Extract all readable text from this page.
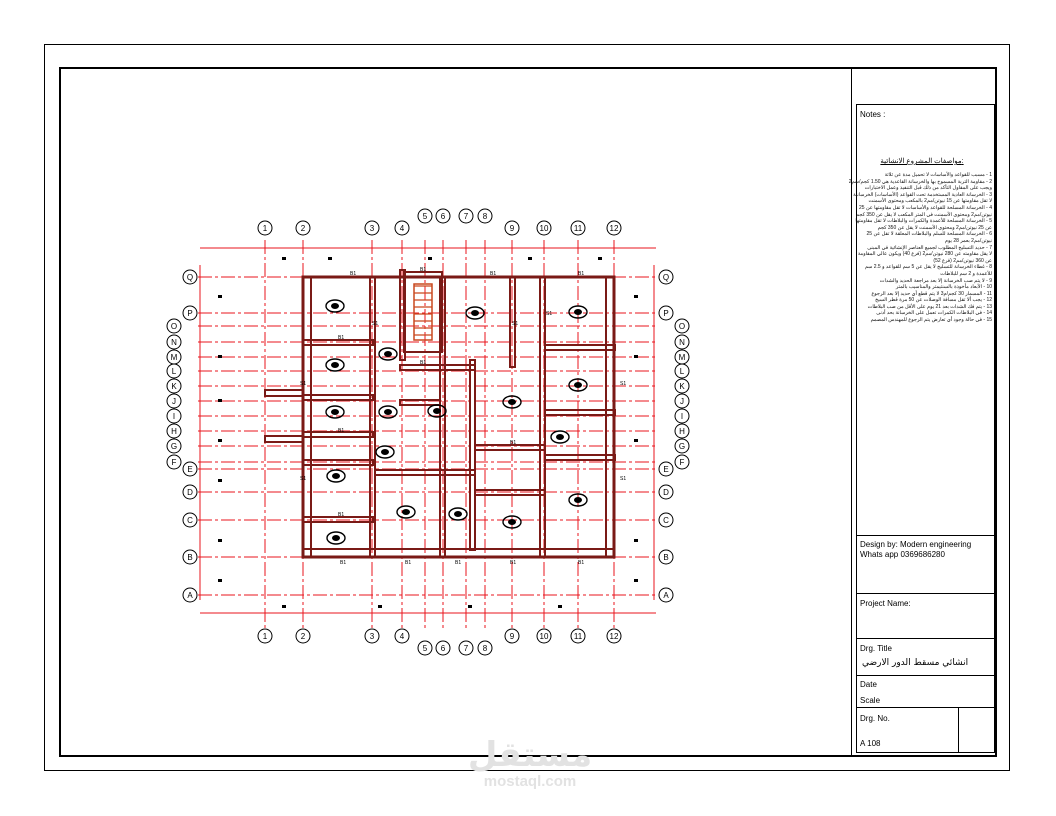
B1
B1
B1	B1
B1
B1
B1
B1
B1
B1	B1	B1	B1
B1
S1	S1
S1
S1
S1
S1	S1
1
1
2
2
3
3
4
4
5
5
6
6
7
7
8
8
9
9
10
10
11
11
12
12
Q	Q
P	P
O	O
N	N
M	M
L	L
K	K
J	J
I	I
H	H
G	G
F	F
E	E
D	D
C	C
B	B
A	A
Notes :
مواصفات المشروع الانشائية:
1 - مسبب للقواعد والأساسات لا تحميل مدة عن ثلاثة
2 - مقاومة التربة المسموح بها والخرسانة القاعدية هي 1.50 كجم/سم2
ويجب على المقاول التأكد من ذلك قبل التنفيذ وعمل الاختبارات
3 - الخرسانة العادية المستخدمة تحت القواعد (الأساسات) الخرسانية
لا تقل مقاومتها عن 15 نيوتن/مم2 بالمكعب ومحتوى الأسمنت
4 - الخرسانة المسلحة للقواعد والأساسات لا تقل مقاومتها عن 25
نيوتن/مم2 ومحتوى الأسمنت في المتر المكعب لا يقل عن 350 كجم
5 - الخرسانة المسلحة للأعمدة والكمرات والبلاطات لا تقل مقاومتها
عن 25 نيوتن/مم2 ومحتوى الأسمنت لا يقل عن 350 كجم
6 - الخرسانة المسلحة للسلم والبلاطات المعلقة لا تقل عن 25
نيوتن/مم2 بعمر 28 يوم
7 - حديد التسليح المطلوب لجميع العناصر الإنشائية في المبنى
لا يقل مقاومته عن 280 نيوتن/مم2 (فرع 40) ويكون عالي المقاومة
عن 360 نيوتن/مم2 (فرع 52)
8 - غطاء الخرسانة للتسليح لا يقل عن 5 سم للقواعد و 2.5 سم
للأعمدة و 2 سم للبلاطات
9 - لا يتم صب الخرسانة إلا بعد مراجعة الحديد والشدات
10 - الأبعاد مأخوذة بالسنتيمتر والمناسيب بالمتر
11 - المسمار 30 كجم/م3 لا يتم قطع أي حديد إلا بعد الرجوع
12 - يجب ألا تقل مسافة الوصلات عن 50 مرة قطر السيخ
13 - يتم فك الشدات بعد 21 يوم على الأقل من صب البلاطات
14 - في البلاطات الكمرات تعمل على الخرسانة بحد أدنى
15 - في حالة وجود أي تعارض يتم الرجوع للمهندس المصمم
Design by: Modern engineering
Whats app 0369686280
Project Name:
Drg. Title
انشائي مسقط الدور الارضي
Date
Scale
Drg. No.
A 108
مستقل
mostaql.com
